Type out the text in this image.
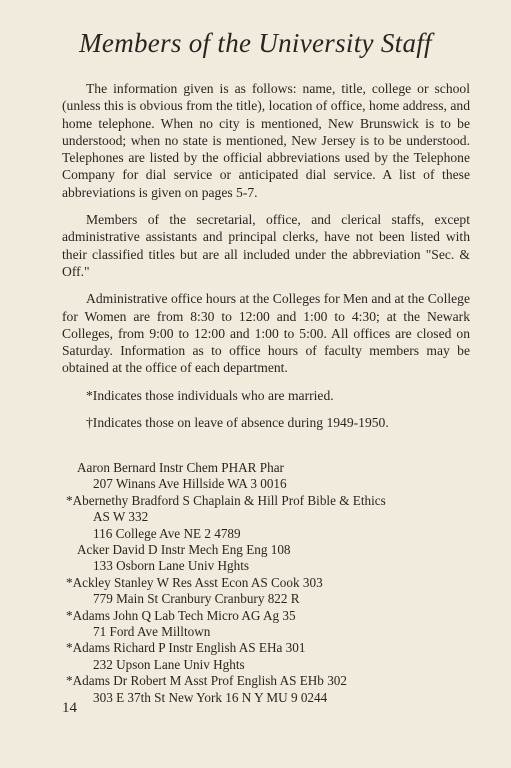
Members of the University Staff

The information given is as follows: name, title, college or school (unless this is obvious from the title), location of office, home address, and home telephone. When no city is mentioned, New Brunswick is to be understood; when no state is mentioned, New Jersey is to be understood. Telephones are listed by the official abbreviations used by the Telephone Company for dial service or anticipated dial service. A list of these abbreviations is given on pages 5-7.

Members of the secretarial, office, and clerical staffs, except administrative assistants and principal clerks, have not been listed with their classified titles but are all included under the abbreviation "Sec. & Off."

Administrative office hours at the Colleges for Men and at the College for Women are from 8:30 to 12:00 and 1:00 to 4:30; at the Newark Colleges, from 9:00 to 12:00 and 1:00 to 5:00. All offices are closed on Saturday. Information as to office hours of faculty members may be obtained at the office of each department.

*Indicates those individuals who are married.

†Indicates those on leave of absence during 1949-1950.

Aaron Bernard Instr Chem PHAR Phar
207 Winans Ave Hillside WA 3 0016
*Abernethy Bradford S Chaplain & Hill Prof Bible & Ethics
AS W 332
116 College Ave NE 2 4789
Acker David D Instr Mech Eng Eng 108
133 Osborn Lane Univ Hghts
*Ackley Stanley W Res Asst Econ AS Cook 303
779 Main St Cranbury Cranbury 822 R
*Adams John Q Lab Tech Micro AG Ag 35
71 Ford Ave Milltown
*Adams Richard P Instr English AS EHa 301
232 Upson Lane Univ Hghts
*Adams Dr Robert M Asst Prof English AS EHb 302
303 E 37th St New York 16 N Y MU 9 0244
14
